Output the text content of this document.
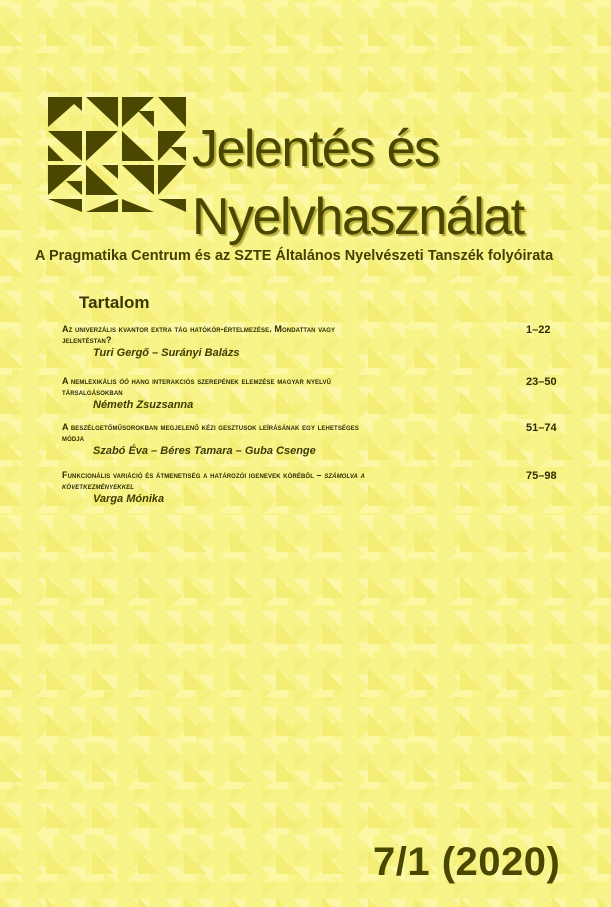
Jelentés és
Nyelvhasználat
A Pragmatika Centrum és az SZTE Általános Nyelvészeti Tanszék folyóirata
Tartalom
Az univerzális kvantor extra tág hatókör-értelmezése. Mondattan vagy
jelentéstan?
Turi Gergő – Surányi Balázs
1–22
A nemlexikális öö hang interakciós szerepének elemzése magyar nyelvű
társalgásokban
Németh Zsuzsanna
23–50
A beszélgetőműsorokban megjelenő kézi gesztusok leírásának egy lehetséges
módja
Szabó Éva – Béres Tamara – Guba Csenge
51–74
Funkcionális variáció és átmenetiség a határozói igenevek köréből – számolva a
következményekkel
Varga Mónika
75–98
7/1 (2020)
